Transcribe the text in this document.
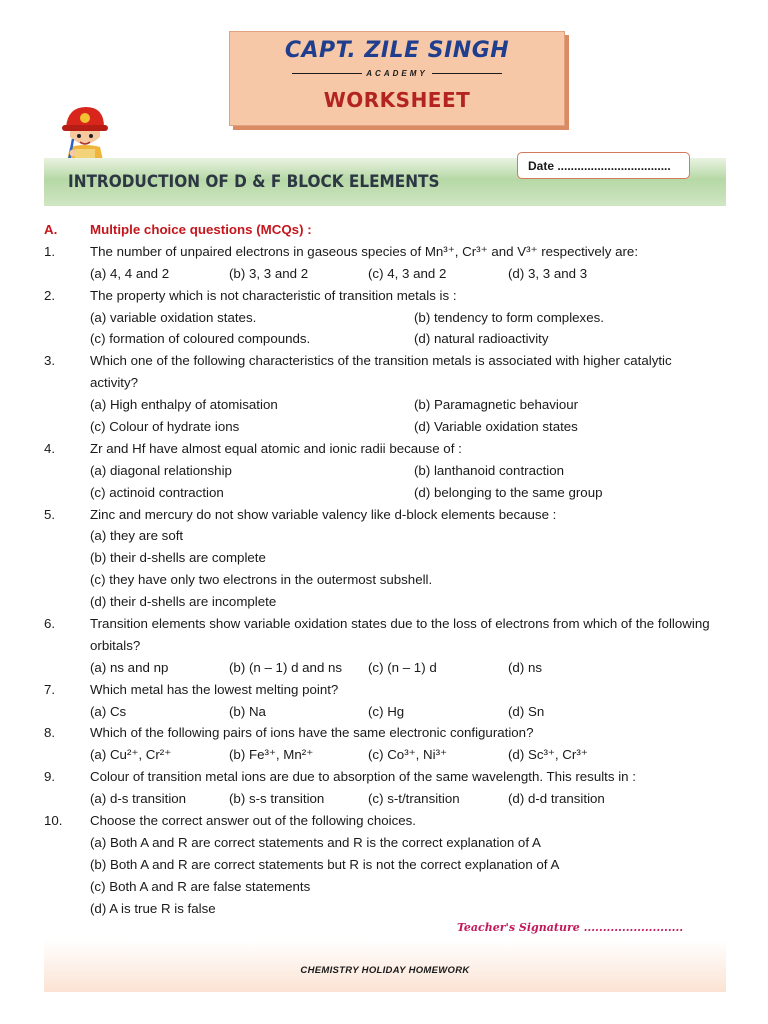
CAPT. ZILE SINGH
ACADEMY
WORKSHEET
INTRODUCTION OF D & F BLOCK ELEMENTS
Date ..................................
A. Multiple choice questions (MCQs) :
1.	The number of unpaired electrons in gaseous species of Mn³⁺, Cr³⁺ and V³⁺ respectively are:
(a) 4, 4 and 2	(b) 3, 3 and 2	(c) 4, 3 and 2	(d) 3, 3 and 3
2.	The property which is not characteristic of transition metals is :
(a) variable oxidation states.	(b) tendency to form complexes.
(c) formation of coloured compounds.	(d) natural radioactivity
3.	Which one of the following characteristics of the transition metals is associated with higher catalytic
activity?
(a) High enthalpy of atomisation	(b) Paramagnetic behaviour
(c) Colour of hydrate ions	(d) Variable oxidation states
4.	Zr and Hf have almost equal atomic and ionic radii because of :
(a) diagonal relationship	(b) lanthanoid contraction
(c) actinoid contraction	(d) belonging to the same group
5.	Zinc and mercury do not show variable valency like d-block elements because :
(a) they are soft
(b) their d-shells are complete
(c) they have only two electrons in the outermost subshell.
(d) their d-shells are incomplete
6.	Transition elements show variable oxidation states due to the loss of electrons from which of the following
orbitals?
(a) ns and np	(b) (n – 1) d and ns (c) (n – 1) d	(d) ns
7.	Which metal has the lowest melting point?
(a) Cs	(b) Na	(c) Hg	(d) Sn
8.	Which of the following pairs of ions have the same electronic configuration?
(a) Cu²⁺, Cr²⁺	(b) Fe³⁺, Mn²⁺	(c) Co³⁺, Ni³⁺	(d) Sc³⁺, Cr³⁺
9.	Colour of transition metal ions are due to absorption of the same wavelength. This results in :
(a) d-s transition	(b) s-s transition	(c) s-t/transition	(d) d-d transition
10. Choose the correct answer out of the following choices.
(a) Both A and R are correct statements and R is the correct explanation of A
(b) Both A and R are correct statements but R is not the correct explanation of A
(c) Both A and R are false statements
(d) A is true R is false
Teacher's Signature ..........................
CHEMISTRY HOLIDAY HOMEWORK
